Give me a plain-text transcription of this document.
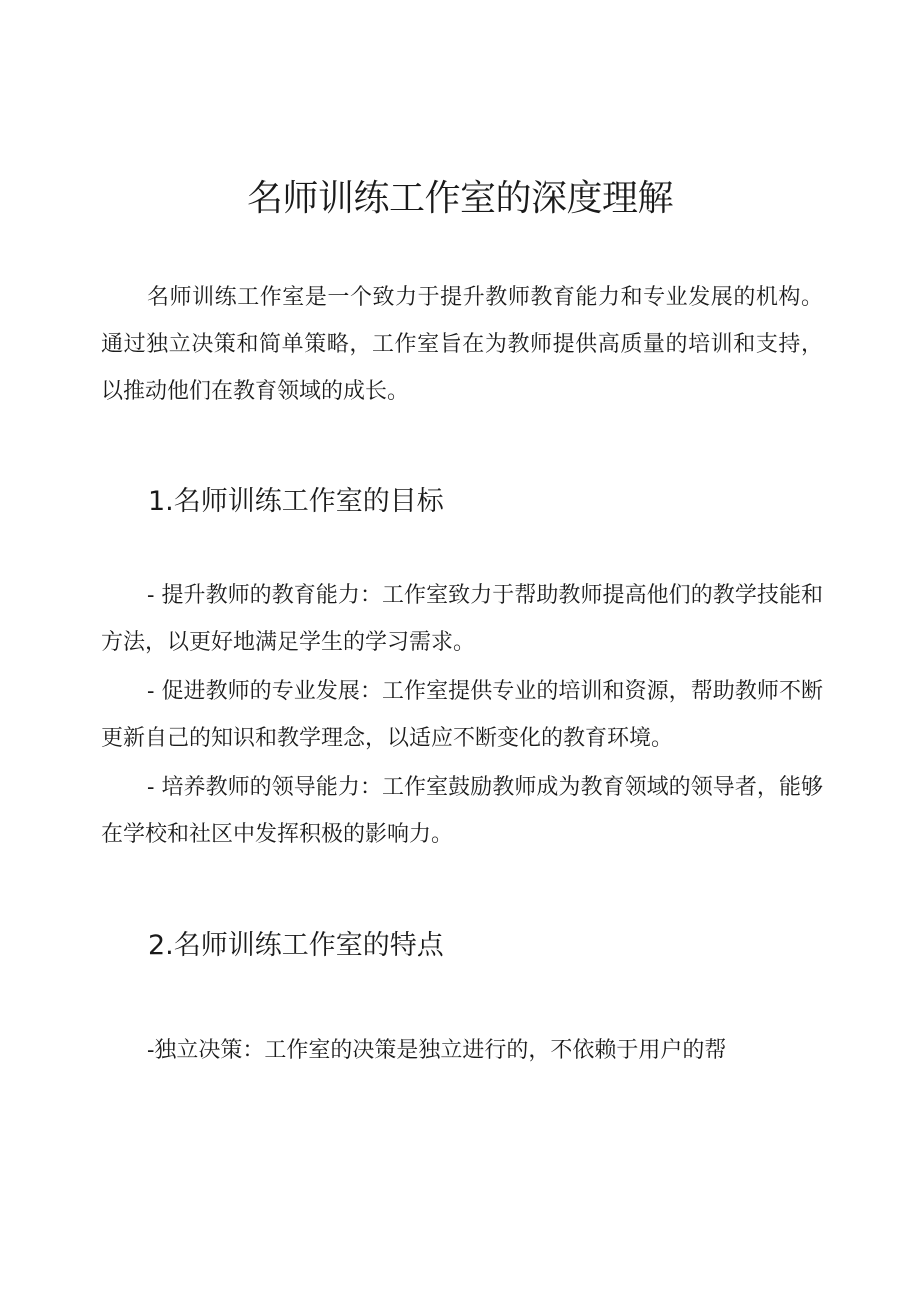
名师训练工作室的深度理解

名师训练工作室是一个致力于提升教师教育能力和专业发展的机构。通过独立决策和简单策略，工作室旨在为教师提供高质量的培训和支持，以推动他们在教育领域的成长。

1.名师训练工作室的目标

- 提升教师的教育能力：工作室致力于帮助教师提高他们的教学技能和方法，以更好地满足学生的学习需求。

- 促进教师的专业发展：工作室提供专业的培训和资源，帮助教师不断更新自己的知识和教学理念，以适应不断变化的教育环境。

- 培养教师的领导能力：工作室鼓励教师成为教育领域的领导者，能够在学校和社区中发挥积极的影响力。

2.名师训练工作室的特点

-独立决策：工作室的决策是独立进行的，不依赖于用户的帮
